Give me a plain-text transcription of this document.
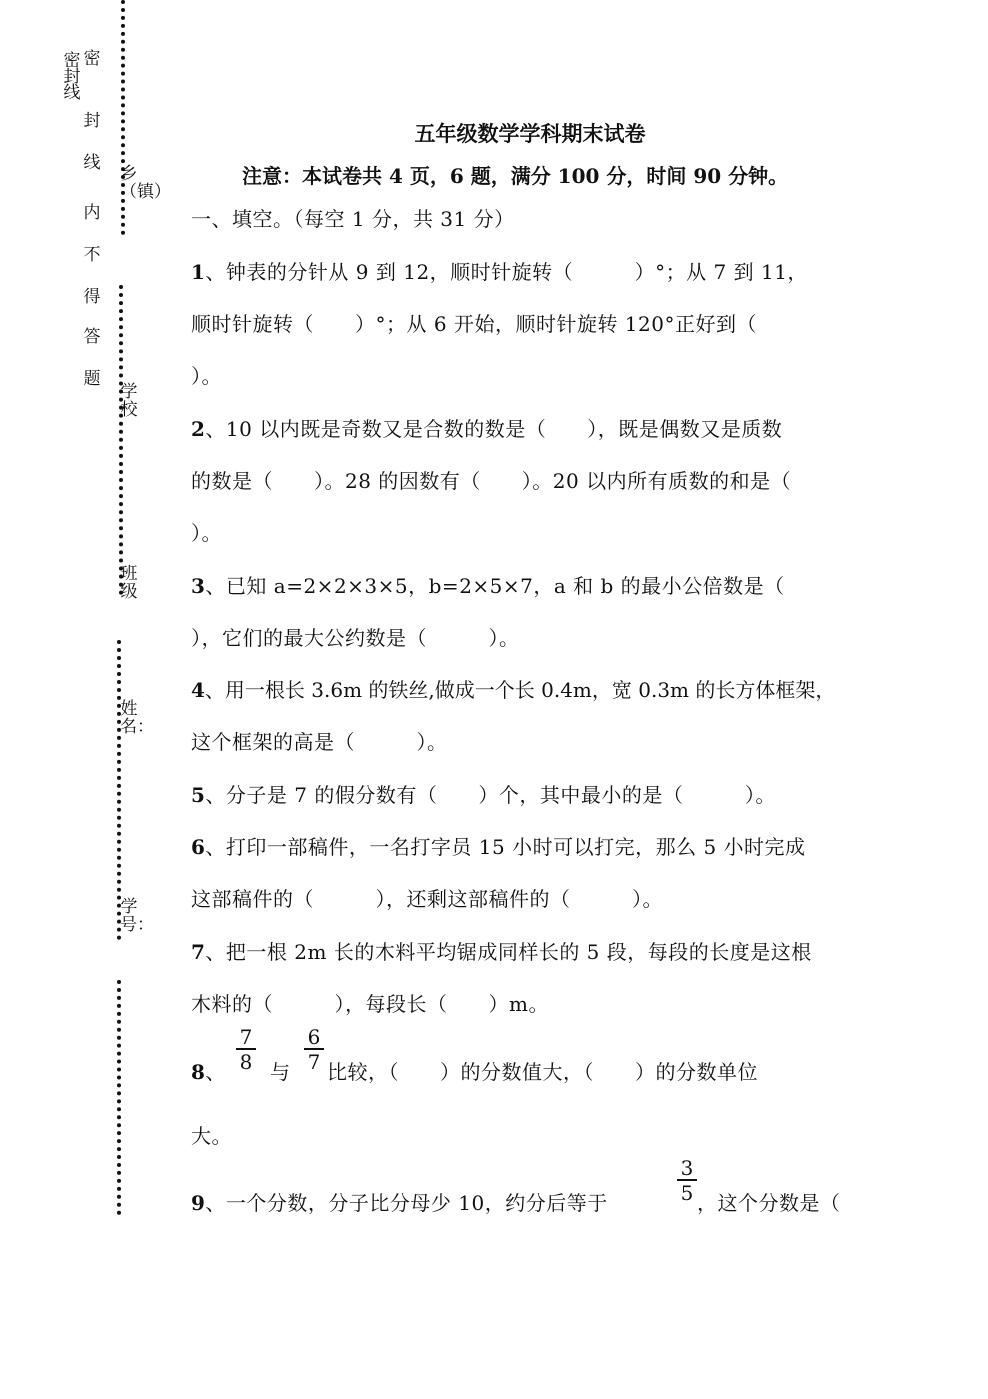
密
密
封
线
封
线
内
不
得
答
题
乡（镇）
学校
班级
姓名：
学号：
五年级数学学科期末试卷
注意：本试卷共 4 页，6 题，满分 100 分，时间 90 分钟。
一、填空。（每空 1 分，共 31 分）
1、钟表的分针从 9 到 12，顺时针旋转（　　　）°；从 7 到 11，
顺时针旋转（　　）°；从 6 开始，顺时针旋转 120°正好到（
）。
2、10 以内既是奇数又是合数的数是（　　），既是偶数又是质数
的数是（　　）。28 的因数有（　　）。20 以内所有质数的和是（
）。
3、已知 a=2×2×3×5，b=2×5×7，a 和 b 的最小公倍数是（
），它们的最大公约数是（　　　）。
4、用一根长 3.6m 的铁丝,做成一个长 0.4m，宽 0.3m 的长方体框架，
这个框架的高是（　　　）。
5、分子是 7 的假分数有（　　）个，其中最小的是（　　　）。
6、打印一部稿件，一名打字员 15 小时可以打完，那么 5 小时完成
这部稿件的（　　　），还剩这部稿件的（　　　）。
7、把一根 2m 长的木料平均锯成同样长的 5 段，每段的长度是这根
木料的（　　　），每段长（　　）m。
8、 $\frac{7}{8}$ 与 $\frac{6}{7}$ 比较，（　　）的分数值大，（　　）的分数单位
大。
9、一个分数，分子比分母少 10，约分后等于	$\frac{3}{5}$ ，这个分数是（
